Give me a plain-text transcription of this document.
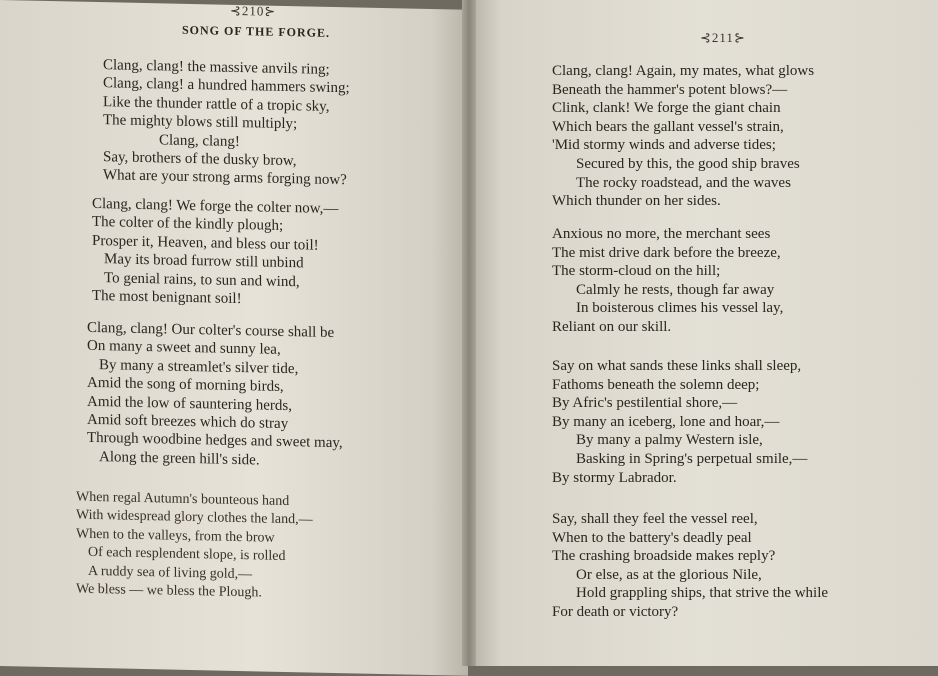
⊰210⊱
SONG OF THE FORGE.
Clang, clang! the massive anvils ring;
Clang, clang! a hundred hammers swing;
Like the thunder rattle of a tropic sky,
The mighty blows still multiply;
Clang, clang!
Say, brothers of the dusky brow,
What are your strong arms forging now?
Clang, clang! We forge the colter now,—
The colter of the kindly plough;
Prosper it, Heaven, and bless our toil!
May its broad furrow still unbind
To genial rains, to sun and wind,
The most benignant soil!
Clang, clang! Our colter's course shall be
On many a sweet and sunny lea,
By many a streamlet's silver tide,
Amid the song of morning birds,
Amid the low of sauntering herds,
Amid soft breezes which do stray
Through woodbine hedges and sweet may,
Along the green hill's side.
When regal Autumn's bounteous hand
With widespread glory clothes the land,—
When to the valleys, from the brow
Of each resplendent slope, is rolled
A ruddy sea of living gold,—
We bless — we bless the Plough.
⊰211⊱
Clang, clang! Again, my mates, what glows
Beneath the hammer's potent blows?—
Clink, clank! We forge the giant chain
Which bears the gallant vessel's strain,
'Mid stormy winds and adverse tides;
Secured by this, the good ship braves
The rocky roadstead, and the waves
Which thunder on her sides.
Anxious no more, the merchant sees
The mist drive dark before the breeze,
The storm-cloud on the hill;
Calmly he rests, though far away
In boisterous climes his vessel lay,
Reliant on our skill.
Say on what sands these links shall sleep,
Fathoms beneath the solemn deep;
By Afric's pestilential shore,—
By many an iceberg, lone and hoar,—
By many a palmy Western isle,
Basking in Spring's perpetual smile,—
By stormy Labrador.
Say, shall they feel the vessel reel,
When to the battery's deadly peal
The crashing broadside makes reply?
Or else, as at the glorious Nile,
Hold grappling ships, that strive the while
For death or victory?
